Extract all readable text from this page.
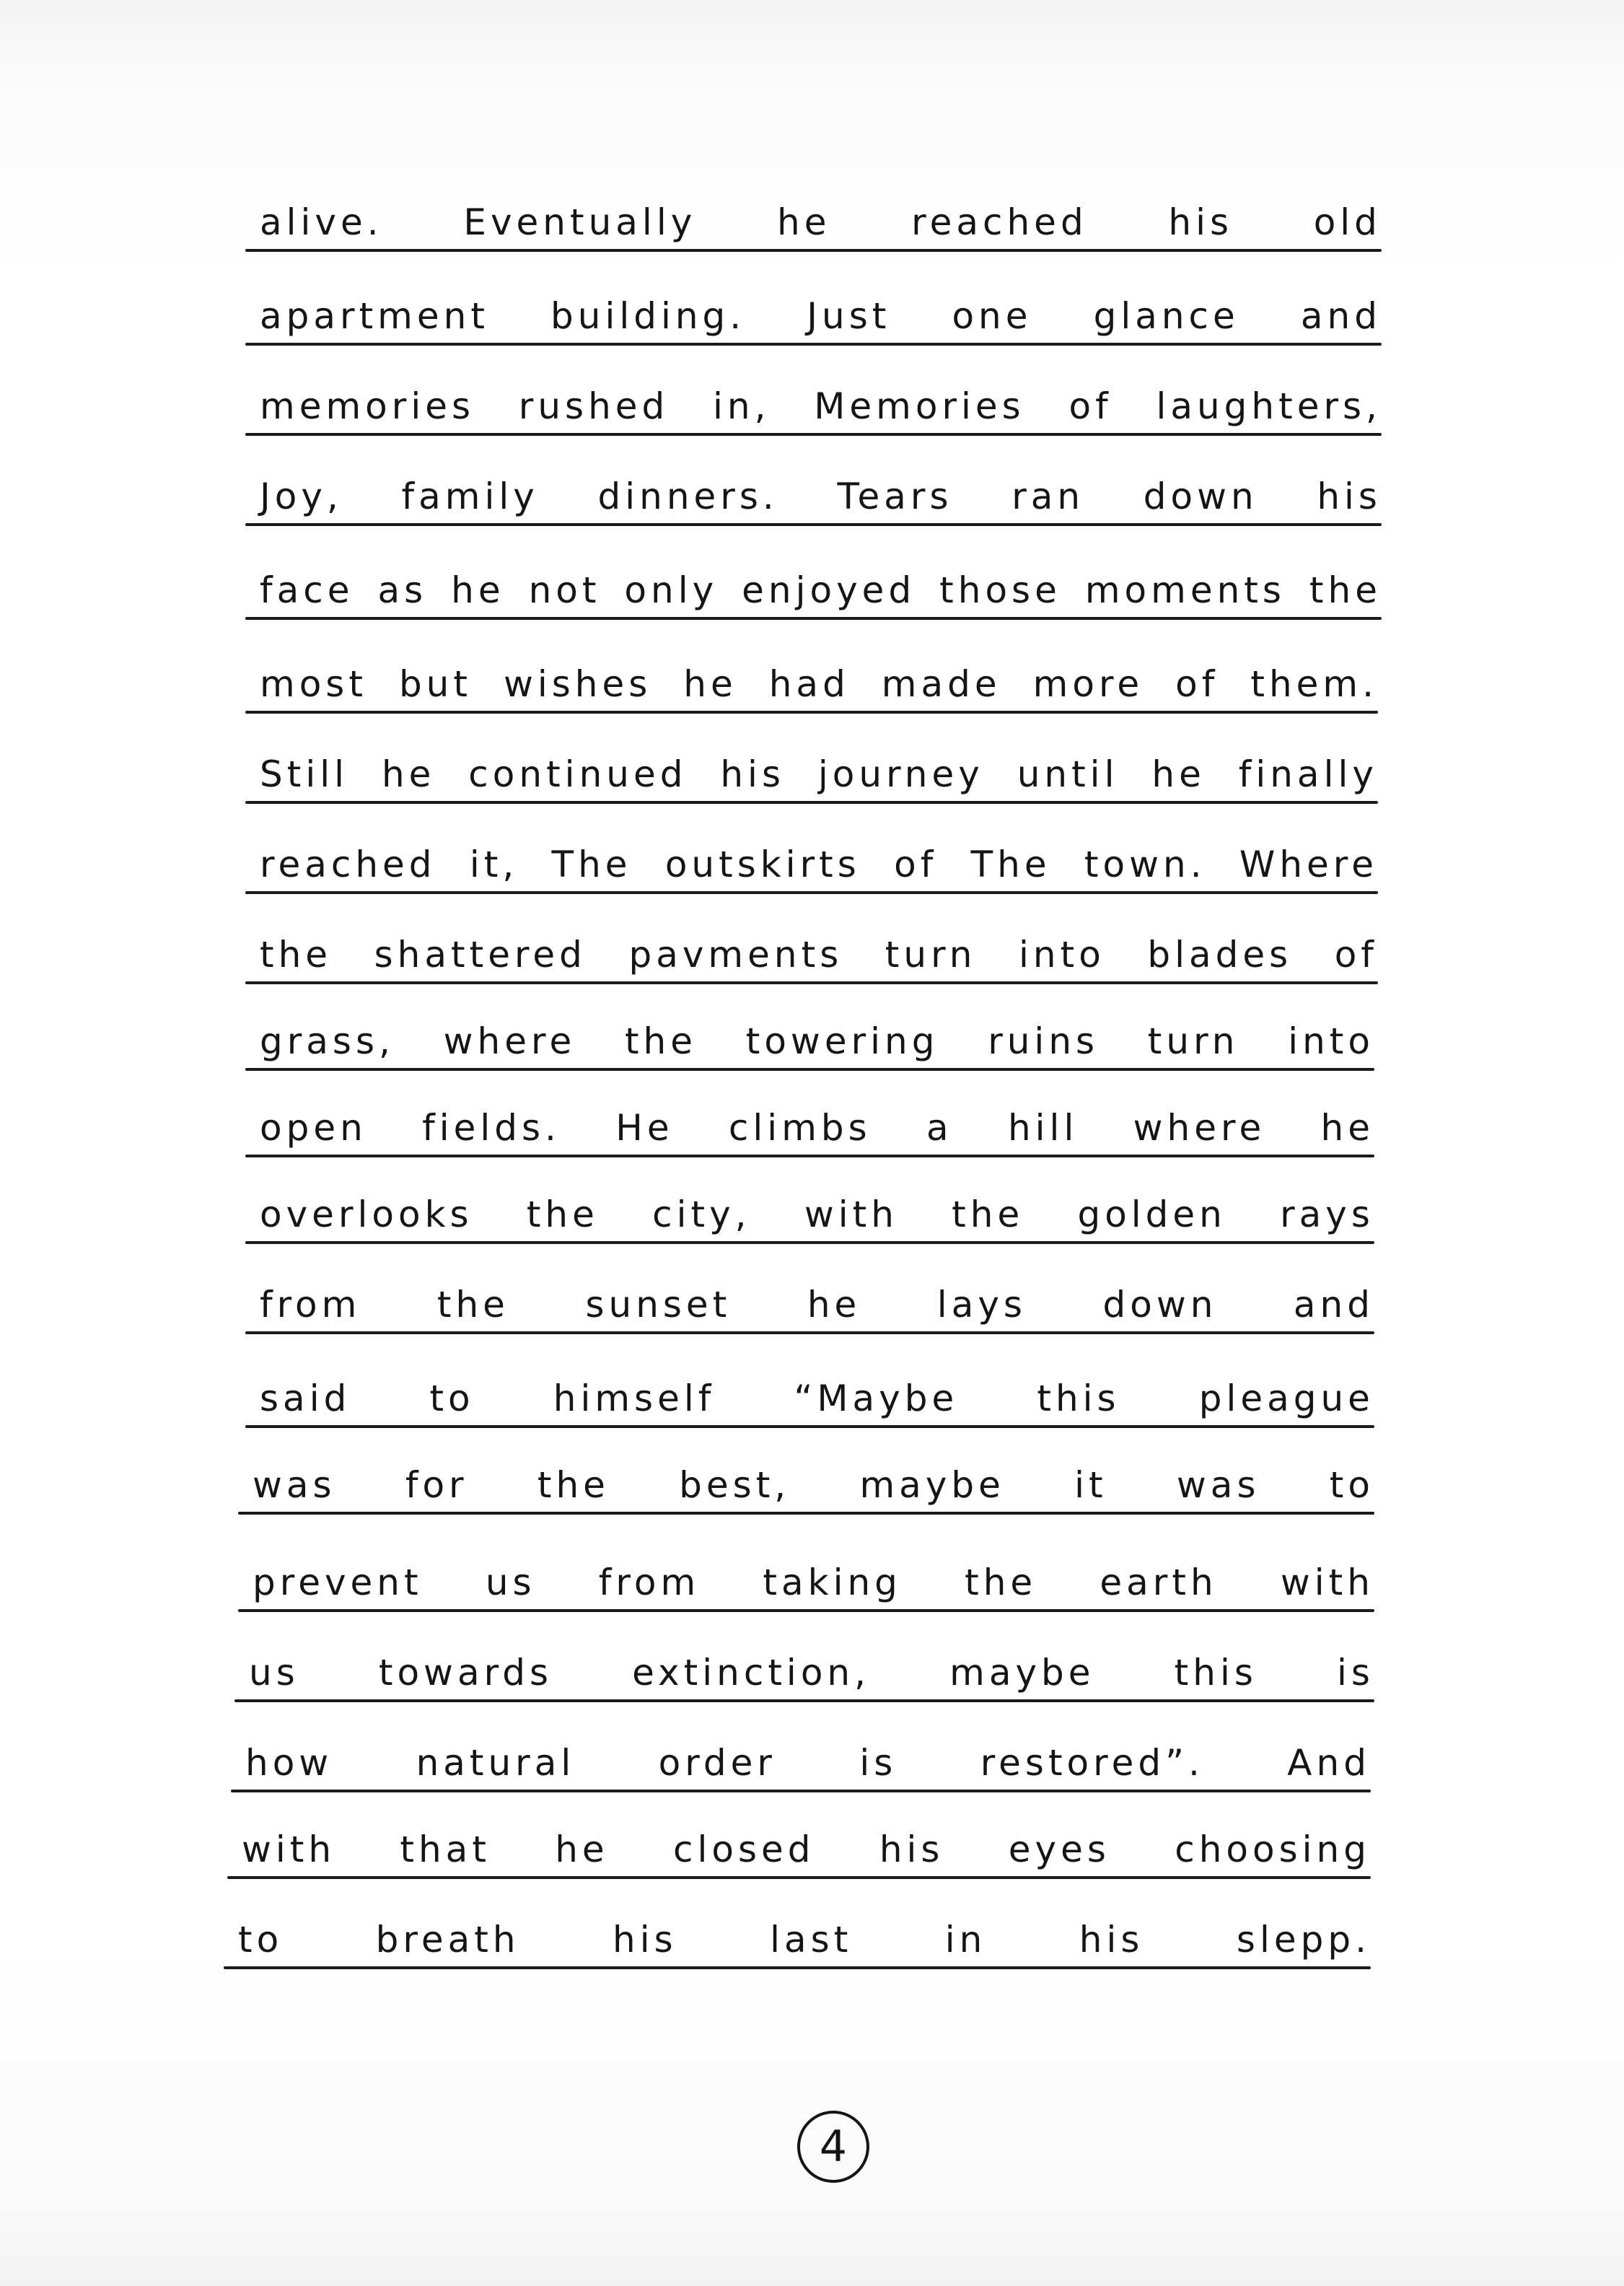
alive. Eventually he reached his old
apartment building. Just one glance and
memories rushed in, Memories of laughters,
Joy, family dinners. Tears ran down his
face as he not only enjoyed those moments the
most but wishes he had made more of them.
Still he continued his journey until he finally
reached it, The outskirts of The town. Where
the shattered pavments turn into blades of
grass, where the towering ruins turn into
open fields. He climbs a hill where he
overlooks the city, with the golden rays
from the sunset he lays down and
said to himself “Maybe this pleague
was for the best, maybe it was to
prevent us from taking the earth with
us towards extinction, maybe this is
how natural order is restored”. And
with that he closed his eyes choosing
to	breath	his	last	in	his	slepp.
4
